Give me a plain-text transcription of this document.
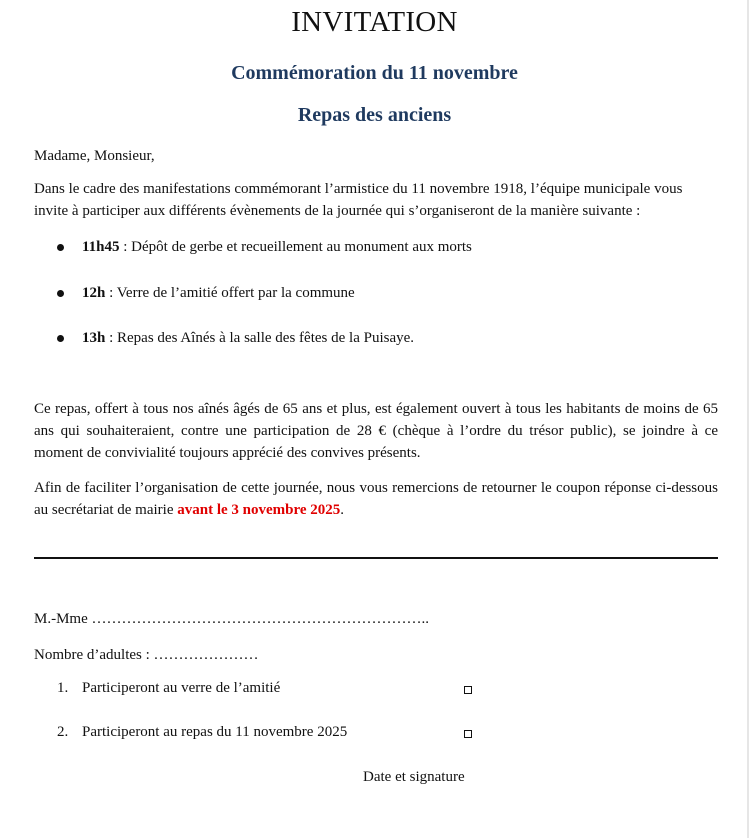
INVITATION
Commémoration du 11 novembre
Repas des anciens
Madame, Monsieur,
Dans le cadre des manifestations commémorant l’armistice du 11 novembre 1918, l’équipe municipale vous invite à participer aux différents évènements de la journée qui s’organiseront de la manière suivante :
11h45 : Dépôt de gerbe et recueillement au monument aux morts
12h : Verre de l’amitié offert par la commune
13h : Repas des Aînés à la salle des fêtes de la Puisaye.
Ce repas, offert à tous nos aînés âgés de 65 ans et plus, est également ouvert à tous les habitants de moins de 65 ans qui souhaiteraient, contre une participation de 28 € (chèque à l’ordre du trésor public), se joindre à ce moment de convivialité toujours apprécié des convives présents.
Afin de faciliter l’organisation de cette journée, nous vous remercions de retourner le coupon réponse ci-dessous au secrétariat de mairie avant le 3 novembre 2025.
M.-Mme …………………………………………………………..
Nombre d’adultes : …………………
1. Participeront au verre de l’amitié
2. Participeront au repas du 11 novembre 2025
Date et signature
